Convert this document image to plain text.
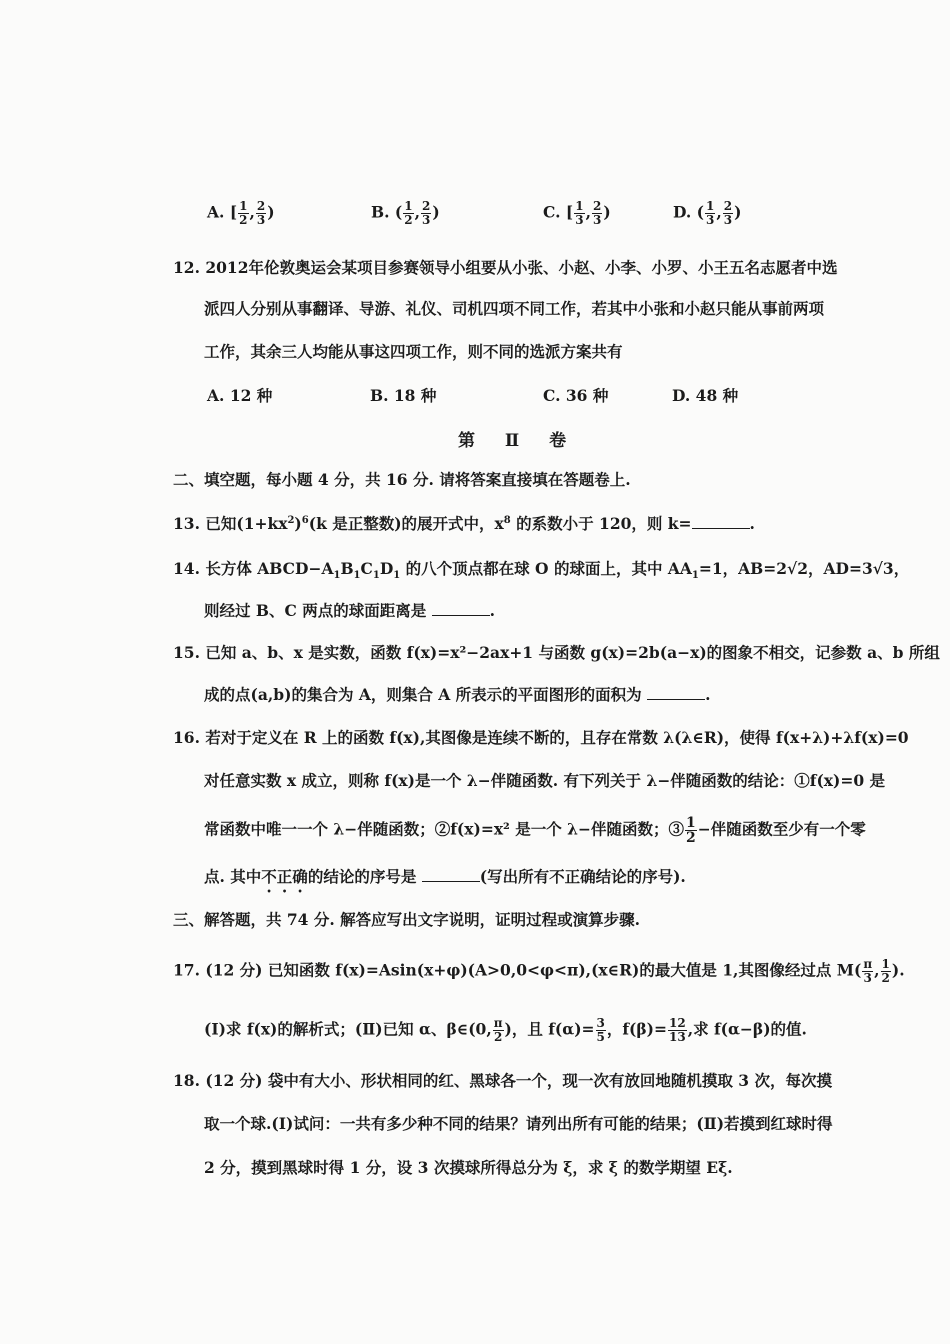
A. [ $\frac{1}{2}$ , $\frac{2}{3}$ )	B. ( $\frac{1}{2}$ , $\frac{2}{3}$ )	C. [ $\frac{1}{3}$ , $\frac{2}{3}$ )	D. ( $\frac{1}{3}$ , $\frac{2}{3}$ )
12. 2012年伦敦奥运会某项目参赛领导小组要从小张、小赵、小李、小罗、小王五名志愿者中选
派四人分别从事翻译、导游、礼仪、司机四项不同工作，若其中小张和小赵只能从事前两项
工作，其余三人均能从事这四项工作，则不同的选派方案共有
A. 12 种	B. 18 种	C. 36 种	D. 48 种
第 Ⅱ 卷
二、填空题，每小题 4 分，共 16 分. 请将答案直接填在答题卷上.
13. 已知$(1+kx^2)^6(k$ 是正整数)的展开式中，$x^8$ 的系数小于 120，则 k=	.
14. 长方体 $ABCD-A_1B_1C_1D_1$ 的八个顶点都在球 O 的球面上，其中 $AA_1=1$，AB=2√2，AD=3√3，
则经过 B、C 两点的球面距离是	.
15. 已知 a、b、x 是实数，函数 f(x)=x²−2ax+1 与函数 g(x)=2b(a−x)的图象不相交，记参数 a、b 所组
成的点(a,b)的集合为 A，则集合 A 所表示的平面图形的面积为	.
16. 若对于定义在 R 上的函数 f(x),其图像是连续不断的，且存在常数 λ(λ∈R)，使得 f(x+λ)+λf(x)=0
对任意实数 x 成立，则称 f(x)是一个 λ−伴随函数. 有下列关于 λ−伴随函数的结论：①f(x)=0 是
常函数中唯一一个 λ−伴随函数；②f(x)=x² 是一个 λ−伴随函数；③ $\frac{1}{2}$ −伴随函数至少有一个零
点. 其中不正确的结论的序号是	(写出所有不正确结论的序号).
三、解答题，共 74 分. 解答应写出文字说明，证明过程或演算步骤.
17. (12 分) 已知函数 f(x)=Asin(x+φ)(A>0,0<φ<π),(x∈R)的最大值是 1,其图像经过点 $M( \frac{\pi}{3}$ , $\frac{1}{2}$ ).
(Ⅰ)求 f(x)的解析式；(Ⅱ)已知 α、β∈(0, $\frac{\pi}{2}$ )，且 $f(\alpha)= \frac{3}{5}$ ，$f(\beta)= \frac{12}{13}$ ,求 f(α−β)的值.
18. (12 分) 袋中有大小、形状相同的红、黑球各一个，现一次有放回地随机摸取 3 次，每次摸
取一个球.(Ⅰ)试问：一共有多少种不同的结果？请列出所有可能的结果；(Ⅱ)若摸到红球时得
2 分，摸到黑球时得 1 分，设 3 次摸球所得总分为 ξ，求 ξ 的数学期望 Eξ.
